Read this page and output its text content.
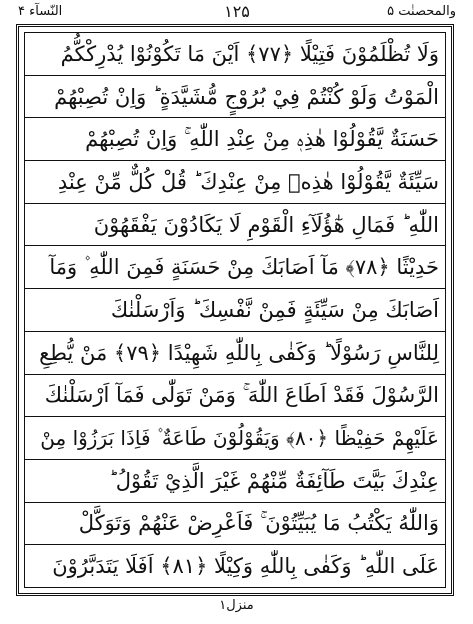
النّسآء ۴	۱۲۵	والمحصنٰت ۵
وَلَا تُظْلَمُوْنَ فَتِيْلًا ﴿۷۷﴾ اَيْنَ مَا تَكُوْنُوْا يُدْرِكْكُّمُ
الْمَوْتُ وَلَوْ كُنْتُمْ فِيْ بُرُوْجٍ مُّشَيَّدَةٍ ؕ وَاِنْ تُصِبْهُمْ
حَسَنَةٌ يَّقُوْلُوْا هٰذِهٖ مِنْ عِنْدِ اللّٰهِ ۚ وَاِنْ تُصِبْهُمْ
سَيِّئَةٌ يَّقُوْلُوْا هٰذِهٖ مِنْ عِنْدِكَ ؕ قُلْ كُلٌّ مِّنْ عِنْدِ
اللّٰهِ ؕ فَمَالِ هٰٓؤُلَآءِ الْقَوْمِ لَا يَكَادُوْنَ يَفْقَهُوْنَ
حَدِيْثًا ﴿۷۸﴾ مَآ اَصَابَكَ مِنْ حَسَنَةٍ فَمِنَ اللّٰهِ ۫ وَمَآ
اَصَابَكَ مِنْ سَيِّئَةٍ فَمِنْ نَّفْسِكَ ؕ وَاَرْسَلْنٰكَ
لِلنَّاسِ رَسُوْلًا ؕ وَكَفٰى بِاللّٰهِ شَهِيْدًا ﴿۷۹﴾ مَنْ يُّطِعِ
الرَّسُوْلَ فَقَدْ اَطَاعَ اللّٰهَ ۚ وَمَنْ تَوَلّٰى فَمَآ اَرْسَلْنٰكَ
عَلَيْهِمْ حَفِيْظًا ﴿۸۰﴾ وَيَقُوْلُوْنَ طَاعَةٌ ۫ فَاِذَا بَرَزُوْا مِنْ
عِنْدِكَ بَيَّتَ طَآئِفَةٌ مِّنْهُمْ غَيْرَ الَّذِيْ تَقُوْلُ ؕ
وَاللّٰهُ يَكْتُبُ مَا يُبَيِّتُوْنَ ۚ فَاَعْرِضْ عَنْهُمْ وَتَوَكَّلْ
عَلَى اللّٰهِ ؕ وَكَفٰى بِاللّٰهِ وَكِيْلًا ﴿۸۱﴾ اَفَلَا يَتَدَبَّرُوْنَ
منزل۱
